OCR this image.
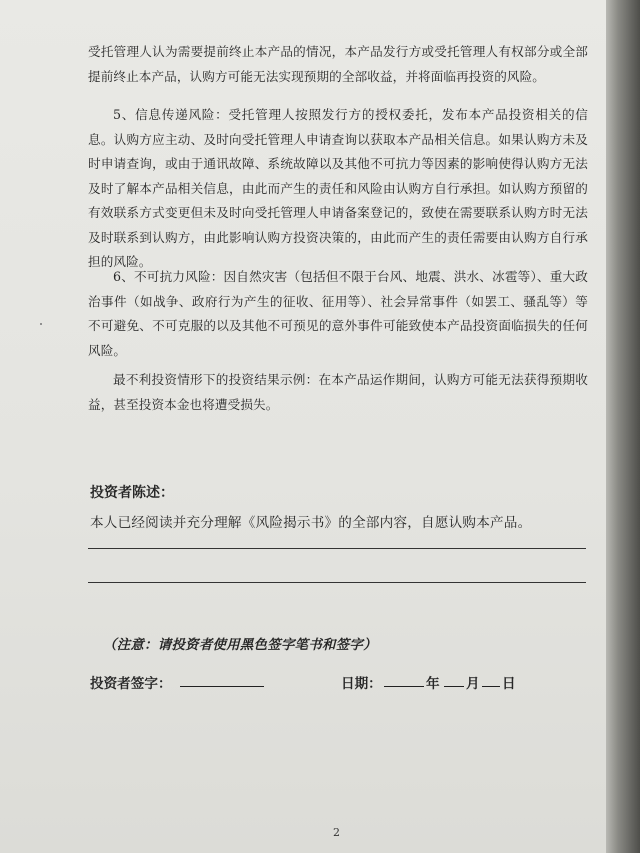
受托管理人认为需要提前终止本产品的情况，本产品发行方或受托管理人有权部分或全部提前终止本产品，认购方可能无法实现预期的全部收益，并将面临再投资的风险。

5、信息传递风险：受托管理人按照发行方的授权委托，发布本产品投资相关的信息。认购方应主动、及时向受托管理人申请查询以获取本产品相关信息。如果认购方未及时申请查询，或由于通讯故障、系统故障以及其他不可抗力等因素的影响使得认购方无法及时了解本产品相关信息，由此而产生的责任和风险由认购方自行承担。如认购方预留的有效联系方式变更但未及时向受托管理人申请备案登记的，致使在需要联系认购方时无法及时联系到认购方，由此影响认购方投资决策的，由此而产生的责任需要由认购方自行承担的风险。

6、不可抗力风险：因自然灾害（包括但不限于台风、地震、洪水、冰雹等）、重大政治事件（如战争、政府行为产生的征收、征用等）、社会异常事件（如罢工、骚乱等）等不可避免、不可克服的以及其他不可预见的意外事件可能致使本产品投资面临损失的任何风险。

最不利投资情形下的投资结果示例：在本产品运作期间，认购方可能无法获得预期收益，甚至投资本金也将遭受损失。

投资者陈述：

本人已经阅读并充分理解《风险揭示书》的全部内容，自愿认购本产品。

（注意：请投资者使用黑色签字笔书和签字）

投资者签字：	日期：	年 月 日
2
